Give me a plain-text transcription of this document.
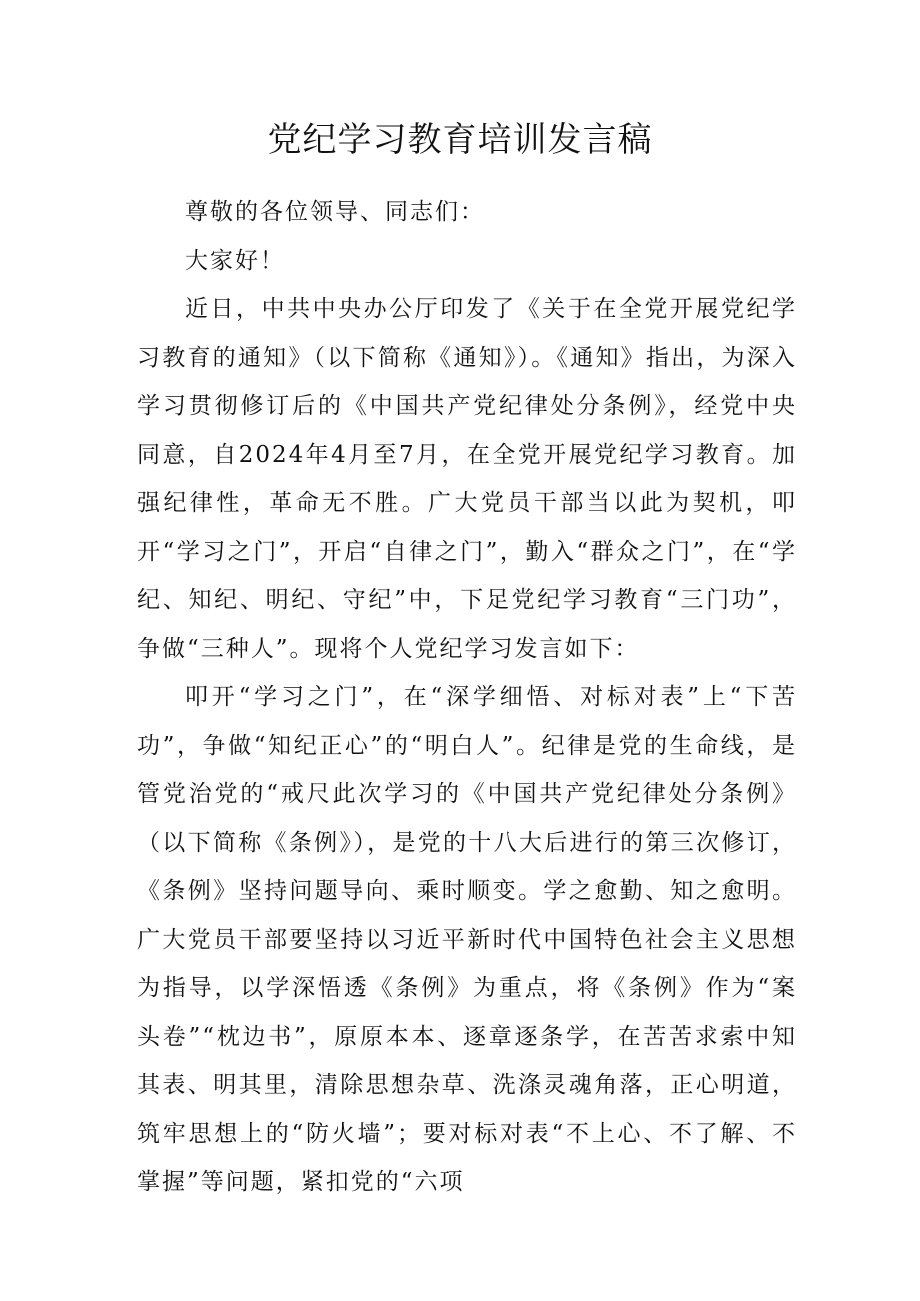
党纪学习教育培训发言稿

尊敬的各位领导、同志们：

大家好！

近日，中共中央办公厅印发了《关于在全党开展党纪学习教育的通知》（以下简称《通知》）。《通知》指出，为深入学习贯彻修订后的《中国共产党纪律处分条例》，经党中央同意，自2024年4月至7月，在全党开展党纪学习教育。加强纪律性，革命无不胜。广大党员干部当以此为契机，叩开“学习之门”，开启“自律之门”，勤入“群众之门”，在“学纪、知纪、明纪、守纪”中，下足党纪学习教育“三门功”，争做“三种人”。现将个人党纪学习发言如下：

叩开“学习之门”，在“深学细悟、对标对表”上“下苦功”，争做“知纪正心”的“明白人”。纪律是党的生命线，是管党治党的“戒尺此次学习的《中国共产党纪律处分条例》（以下简称《条例》），是党的十八大后进行的第三次修订，《条例》坚持问题导向、乘时顺变。学之愈勤、知之愈明。广大党员干部要坚持以习近平新时代中国特色社会主义思想为指导，以学深悟透《条例》为重点，将《条例》作为“案头卷”“枕边书”，原原本本、逐章逐条学，在苦苦求索中知其表、明其里，清除思想杂草、洗涤灵魂角落，正心明道，筑牢思想上的“防火墙”；要对标对表“不上心、不了解、不掌握”等问题，紧扣党的“六项
